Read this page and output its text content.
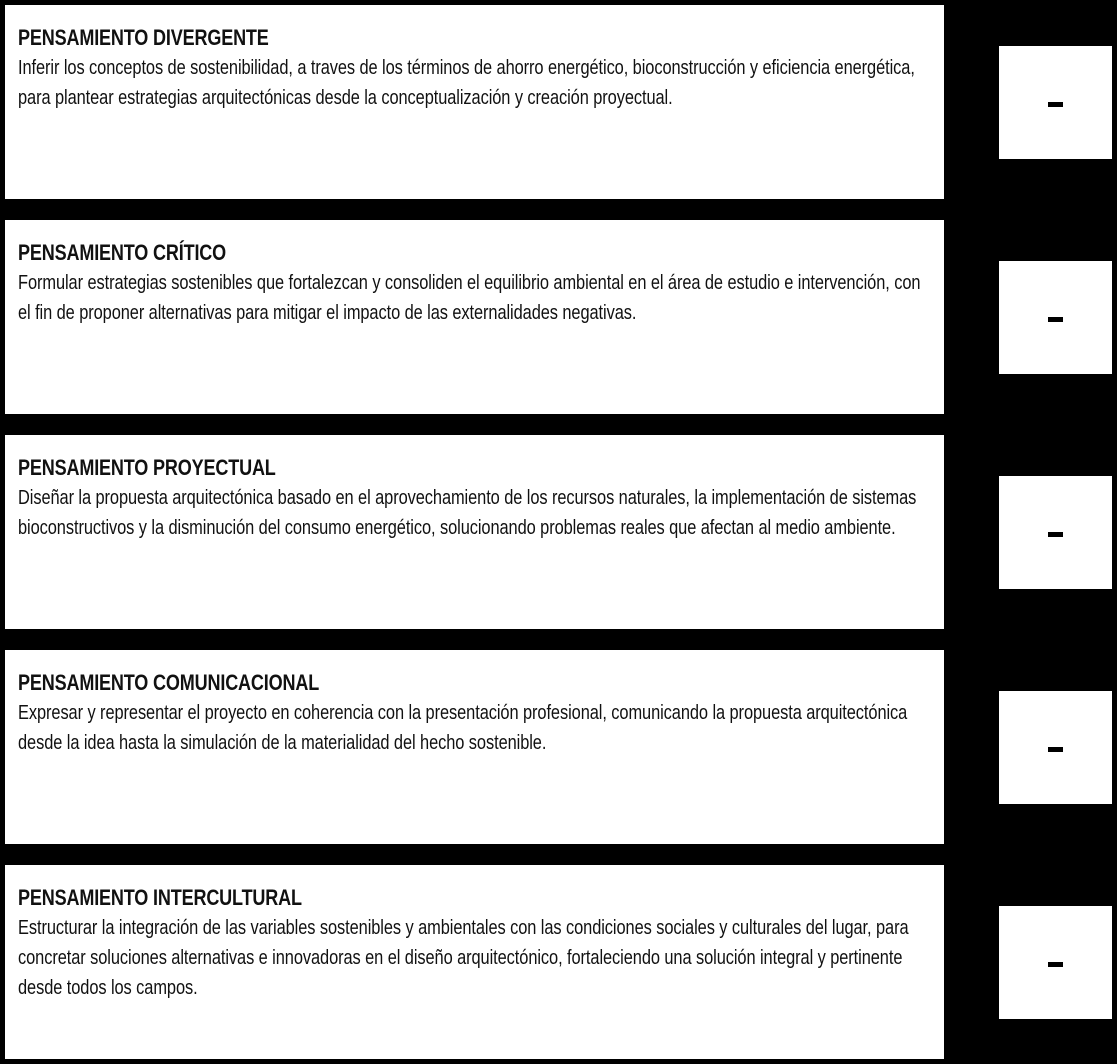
PENSAMIENTO DIVERGENTE
Inferir los conceptos de sostenibilidad, a traves de los términos de ahorro energético, bioconstrucción y eficiencia energética, para plantear estrategias arquitectónicas desde la conceptualización y creación proyectual.
PENSAMIENTO CRÍTICO
Formular estrategias sostenibles que fortalezcan y consoliden el equilibrio ambiental en el área de estudio e intervención, con el fin de proponer alternativas para mitigar el impacto de las externalidades negativas.
PENSAMIENTO PROYECTUAL
Diseñar la propuesta arquitectónica basado en el aprovechamiento de los recursos naturales, la implementación de sistemas bioconstructivos y la disminución del consumo energético, solucionando problemas reales que afectan al medio ambiente.
PENSAMIENTO COMUNICACIONAL
Expresar y representar el proyecto en coherencia con la presentación profesional, comunicando la propuesta arquitectónica desde la idea hasta la simulación de la materialidad del hecho sostenible.
PENSAMIENTO INTERCULTURAL
Estructurar la integración de las variables sostenibles y ambientales con las condiciones sociales y culturales del lugar, para concretar soluciones alternativas e innovadoras en el diseño arquitectónico, fortaleciendo una solución integral y pertinente desde todos los campos.
